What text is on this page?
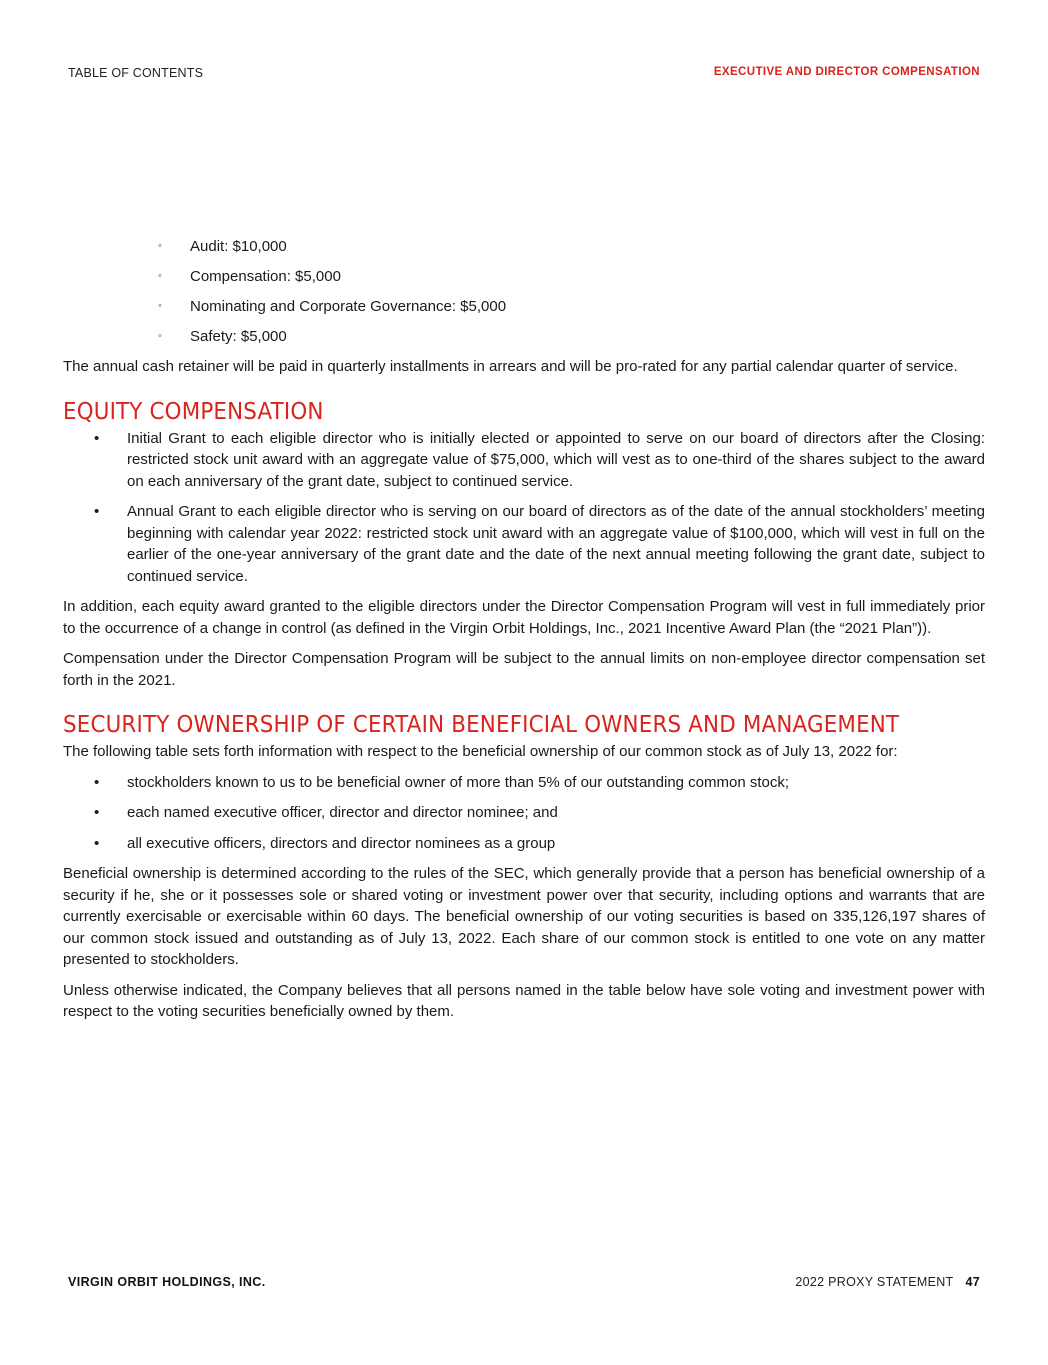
TABLE OF CONTENTS	EXECUTIVE AND DIRECTOR COMPENSATION
◦ Audit: $10,000
◦ Compensation: $5,000
◦ Nominating and Corporate Governance: $5,000
◦ Safety: $5,000

The annual cash retainer will be paid in quarterly installments in arrears and will be pro-rated for any partial calendar quarter of service.

EQUITY COMPENSATION
• Initial Grant to each eligible director who is initially elected or appointed to serve on our board of directors after the Closing: restricted stock unit award with an aggregate value of $75,000, which will vest as to one-third of the shares subject to the award on each anniversary of the grant date, subject to continued service.
• Annual Grant to each eligible director who is serving on our board of directors as of the date of the annual stockholders’ meeting beginning with calendar year 2022: restricted stock unit award with an aggregate value of $100,000, which will vest in full on the earlier of the one-year anniversary of the grant date and the date of the next annual meeting following the grant date, subject to continued service.

In addition, each equity award granted to the eligible directors under the Director Compensation Program will vest in full immediately prior to the occurrence of a change in control (as defined in the Virgin Orbit Holdings, Inc., 2021 Incentive Award Plan (the “2021 Plan”)).

Compensation under the Director Compensation Program will be subject to the annual limits on non-employee director compensation set forth in the 2021.

SECURITY OWNERSHIP OF CERTAIN BENEFICIAL OWNERS AND MANAGEMENT

The following table sets forth information with respect to the beneficial ownership of our common stock as of July 13, 2022 for:

• stockholders known to us to be beneficial owner of more than 5% of our outstanding common stock;
• each named executive officer, director and director nominee; and
• all executive officers, directors and director nominees as a group

Beneficial ownership is determined according to the rules of the SEC, which generally provide that a person has beneficial ownership of a security if he, she or it possesses sole or shared voting or investment power over that security, including options and warrants that are currently exercisable or exercisable within 60 days. The beneficial ownership of our voting securities is based on 335,126,197 shares of our common stock issued and outstanding as of July 13, 2022. Each share of our common stock is entitled to one vote on any matter presented to stockholders.

Unless otherwise indicated, the Company believes that all persons named in the table below have sole voting and investment power with respect to the voting securities beneficially owned by them.

VIRGIN ORBIT HOLDINGS, INC.	2022 PROXY STATEMENT 47
